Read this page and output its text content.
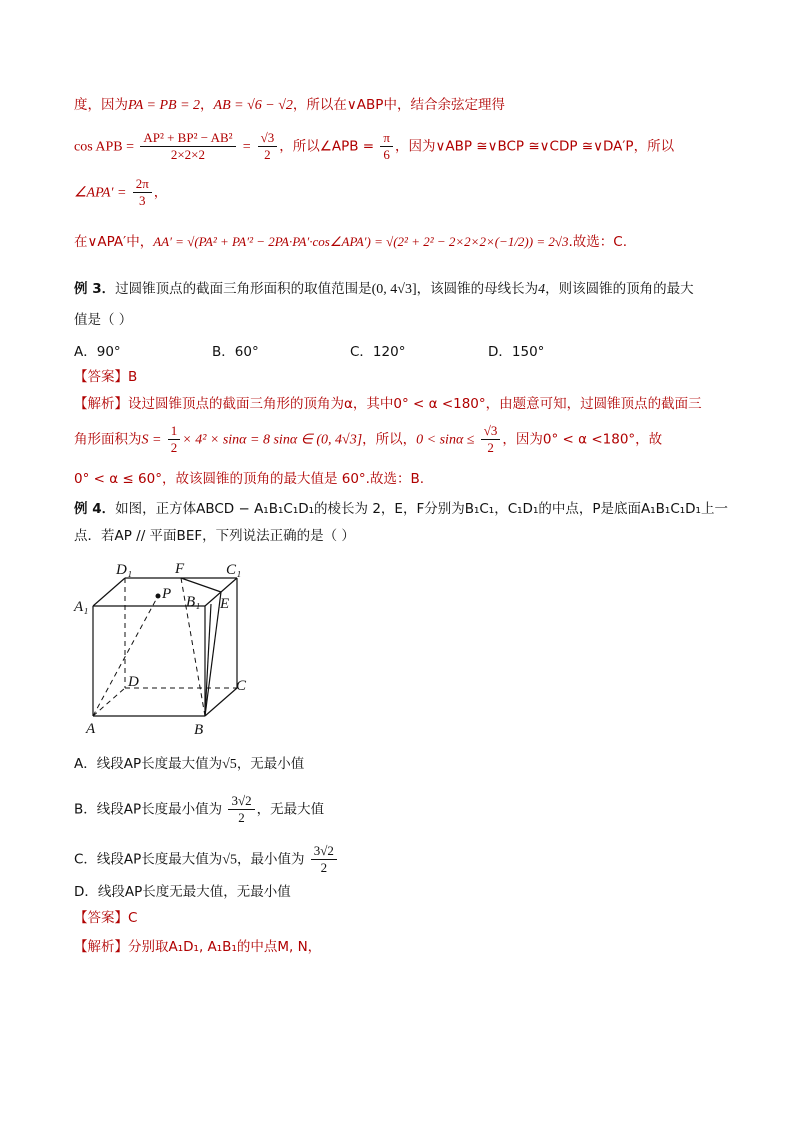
度，因为PA = PB = 2，AB = √6 − √2，所以在∨ABP中，结合余弦定理得
cos APB = $\frac{\text{AP² + BP² − AB²}}{2\times 2\times 2} = \frac{√3}{2}$ ，所以∠APB = $\frac{\pi}{6}$ ，因为∨ABP ≅∨BCP ≅∨CDP ≅∨DA′P，所以
∠APA′ = $\frac{2\pi}{3}$ ，
在∨APA′中，AA′ = √(PA² + PA′² − 2PA·PA′·cos∠APA′) = √(2² + 2² − 2×2×2×(−1/2)) = 2√3.故选：C.
例 3．过圆锥顶点的截面三角形面积的取值范围是(0, 4√3]，该圆锥的母线长为4，则该圆锥的顶角的最大
值是（ ）
A．90°	B．60°	C．120°	D．150°
【答案】B
【解析】设过圆锥顶点的截面三角形的顶角为α，其中0° < α <180°，由题意可知，过圆锥顶点的截面三
角形面积为$S = \frac{1}{2} \times 4^2 \times \sin\alpha = 8$ sinα ∈ (0, 4√3]，所以，$0 < \sin\alpha \le \frac{√3}{2}$ ，因为0° < α <180°，故
0° < α ≤ 60°，故该圆锥的顶角的最大值是 60°.故选：B.
例 4．如图，正方体ABCD − A₁B₁C₁D₁的棱长为 2，E，F分别为B₁C₁，C₁D₁的中点，P是底面A₁B₁C₁D₁上一
点．若AP // 平面BEF，下列说法正确的是（ ）
D₁	F	C₁
A₁
P B₁ E
D	C
A	B
A．线段AP长度最大值为√5，无最小值
B．线段AP长度最小值为 $\frac{3√2}{2}$ ，无最大值
C．线段AP长度最大值为√5，最小值为 $\frac{3√2}{2}$
D．线段AP长度无最大值，无最小值
【答案】C
【解析】分别取A₁D₁, A₁B₁的中点M, N，
